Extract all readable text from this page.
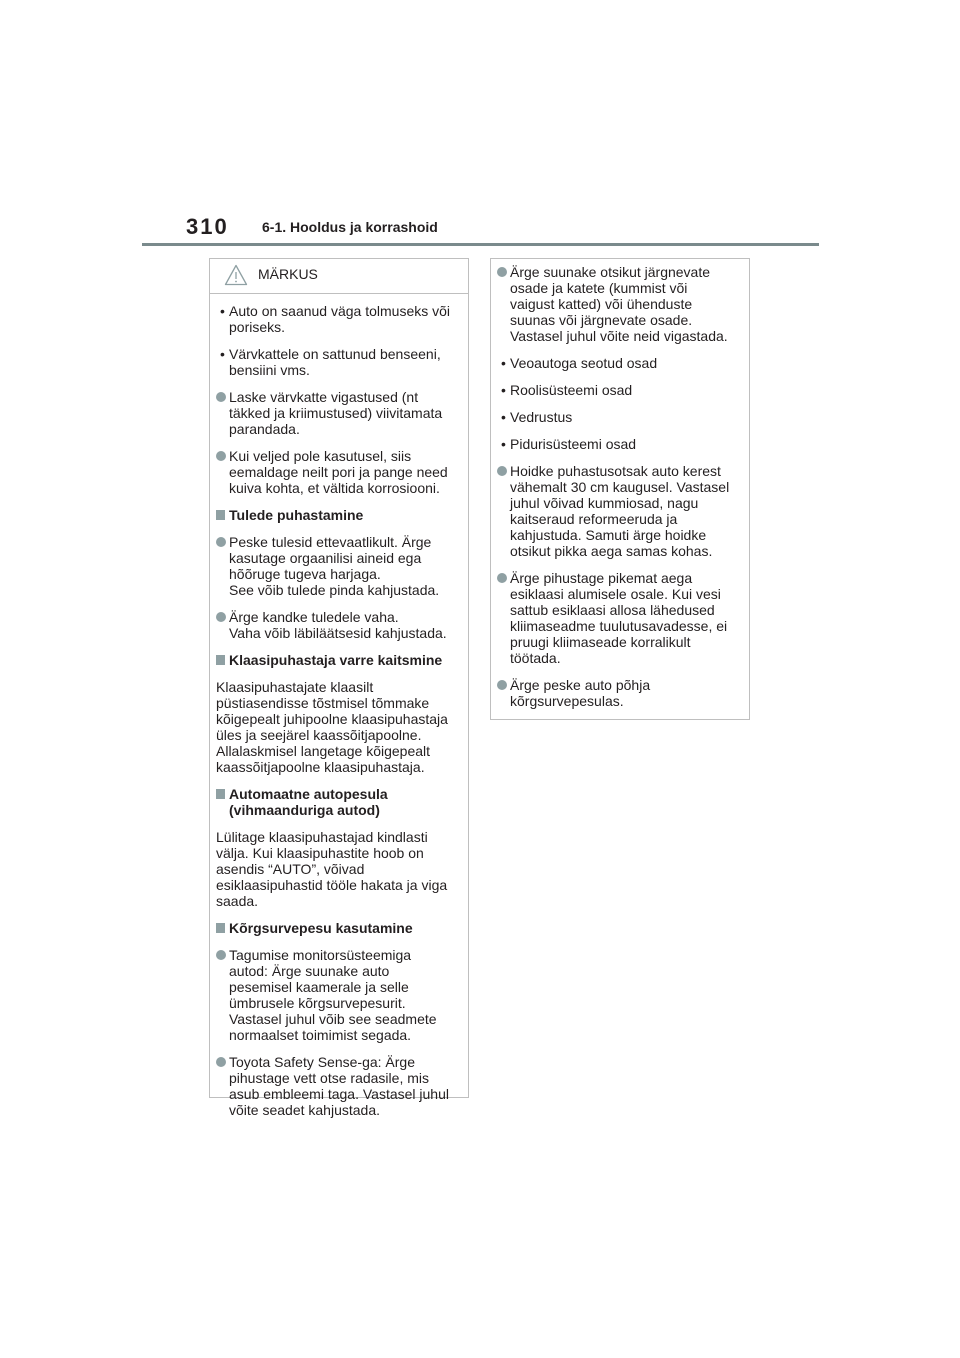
310 6-1. Hooldus ja korrashoid
MÄRKUS
• Auto on saanud väga tolmuseks või
poriseks.
• Värvkattele on sattunud benseeni,
bensiini vms.
Laske värvkatte vigastused (nt
täkked ja kriimustused) viivitamata
parandada.
Kui veljed pole kasutusel, siis
eemaldage neilt pori ja pange need
kuiva kohta, et vältida korrosiooni.
Tulede puhastamine
Peske tulesid ettevaatlikult. Ärge
kasutage orgaanilisi aineid ega
hõõruge tugeva harjaga.
See võib tulede pinda kahjustada.
Ärge kandke tuledele vaha.
Vaha võib läbiläätsesid kahjustada.
Klaasipuhastaja varre kaitsmine
Klaasipuhastajate klaasilt
püstiasendisse tõstmisel tõmmake
kõigepealt juhipoolne klaasipuhastaja
üles ja seejärel kaassõitjapoolne.
Allalaskmisel langetage kõigepealt
kaassõitjapoolne klaasipuhastaja.
Automaatne autopesula
(vihmaanduriga autod)
Lülitage klaasipuhastajad kindlasti
välja. Kui klaasipuhastite hoob on
asendis “AUTO”, võivad
esiklaasipuhastid tööle hakata ja viga
saada.
Kõrgsurvepesu kasutamine
Tagumise monitorsüsteemiga
autod: Ärge suunake auto
pesemisel kaamerale ja selle
ümbrusele kõrgsurvepesurit.
Vastasel juhul võib see seadmete
normaalset toimimist segada.
Toyota Safety Sense-ga: Ärge
pihustage vett otse radasile, mis
asub embleemi taga. Vastasel juhul
võite seadet kahjustada.
Ärge suunake otsikut järgnevate
osade ja katete (kummist või
vaigust katted) või ühenduste
suunas või järgnevate osade.
Vastasel juhul võite neid vigastada.
• Veoautoga seotud osad
• Roolisüsteemi osad
• Vedrustus
• Pidurisüsteemi osad
Hoidke puhastusotsak auto kerest
vähemalt 30 cm kaugusel. Vastasel
juhul võivad kummiosad, nagu
kaitseraud reformeeruda ja
kahjustuda. Samuti ärge hoidke
otsikut pikka aega samas kohas.
Ärge pihustage pikemat aega
esiklaasi alumisele osale. Kui vesi
sattub esiklaasi allosa lähedused
kliimaseadme tuulutusavadesse, ei
pruugi kliimaseade korralikult
töötada.
Ärge peske auto põhja
kõrgsurvepesulas.
